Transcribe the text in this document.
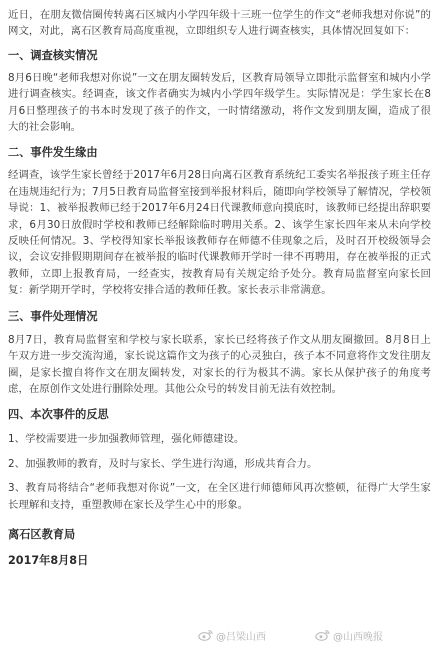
近日，在朋友微信圈传转离石区城内小学四年级十三班一位学生的作文“老师我想对你说”的网文，对此，离石区教育局高度重视，立即组织专人进行调查核实，具体情况回复如下：

一、调查核实情况

8月6日晚“老师我想对你说”一文在朋友圈转发后，区教育局领导立即批示监督室和城内小学进行调查核实。经调查，该文作者确实为城内小学四年级学生。实际情况是：学生家长在8月6日整理孩子的书本时发现了孩子的作文，一时情绪激动，将作文发到朋友圈，造成了很大的社会影响。

二、事件发生缘由

经调查，该学生家长曾经于2017年6月28日向离石区教育系统纪工委实名举报孩子班主任存在违规违纪行为；7月5日教育局监督室接到举报材料后，随即向学校领导了解情况，学校领导说：1、被举报教师已经于2017年6月24日代课教师意向摸底时，该教师已经提出辞职要求，6月30日放假时学校和教师已经解除临时聘用关系。2、该学生家长四年来从未向学校反映任何情况。3、学校得知家长举报该教师存在师德不佳现象之后，及时召开校级领导会议，会议安排假期期间存在被举报的临时代课教师开学时一律不再聘用，存在被举报的正式教师，立即上报教育局，一经查实，按教育局有关规定给予处分。教育局监督室向家长回复：新学期开学时，学校将安排合适的教师任教。家长表示非常满意。

三、事件处理情况

8月7日，教育局监督室和学校与家长联系，家长已经将孩子作文从朋友圈撤回。8月8日上午双方进一步交流沟通，家长说这篇作文为孩子的心灵独白，孩子本不同意将作文发往朋友圈，是家长擅自将作文在朋友圈转发，对家长的行为极其不满。家长从保护孩子的角度考虑，在原创作文处进行删除处理。其他公众号的转发目前无法有效控制。

四、本次事件的反思

1、学校需要进一步加强教师管理，强化师德建设。

2、加强教师的教育，及时与家长、学生进行沟通，形成共育合力。

3、教育局将结合“老师我想对你说”一文，在全区进行师德师风再次整顿，征得广大学生家长理解和支持，重塑教师在家长及学生心中的形象。

离石区教育局

2017年8月8日

@吕梁山西	@山西晚报
